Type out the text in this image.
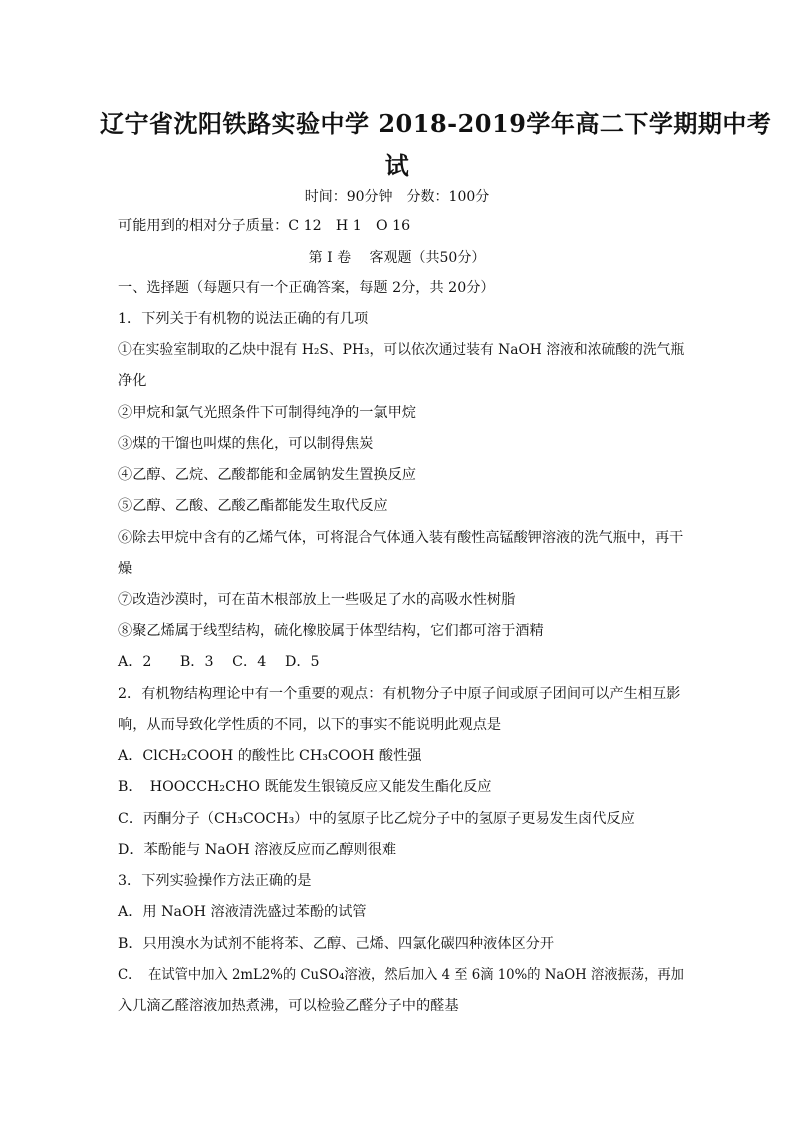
辽宁省沈阳铁路实验中学 2018-2019学年高二下学期期中考
试
时间：90分钟　分数：100分
可能用到的相对分子质量：C 12　H 1　O 16
第 I 卷　 客观题（共50分）
一、选择题（每题只有一个正确答案，每题 2分，共 20分）
1．下列关于有机物的说法正确的有几项
①在实验室制取的乙炔中混有 H₂S、PH₃，可以依次通过装有 NaOH 溶液和浓硫酸的洗气瓶
净化
②甲烷和氯气光照条件下可制得纯净的一氯甲烷
③煤的干馏也叫煤的焦化，可以制得焦炭
④乙醇、乙烷、乙酸都能和金属钠发生置换反应
⑤乙醇、乙酸、乙酸乙酯都能发生取代反应
⑥除去甲烷中含有的乙烯气体，可将混合气体通入装有酸性高锰酸钾溶液的洗气瓶中，再干
燥
⑦改造沙漠时，可在苗木根部放上一些吸足了水的高吸水性树脂
⑧聚乙烯属于线型结构，硫化橡胶属于体型结构，它们都可溶于酒精
A．2　　B．3　 C．4　 D．5
2．有机物结构理论中有一个重要的观点：有机物分子中原子间或原子团间可以产生相互影
响，从而导致化学性质的不同，以下的事实不能说明此观点是
A．ClCH₂COOH 的酸性比 CH₃COOH 酸性强
B．　HOOCCH₂CHO 既能发生银镜反应又能发生酯化反应
C．丙酮分子（CH₃COCH₃）中的氢原子比乙烷分子中的氢原子更易发生卤代反应
D．苯酚能与 NaOH 溶液反应而乙醇则很难
3．下列实验操作方法正确的是
A．用 NaOH 溶液清洗盛过苯酚的试管
B．只用溴水为试剂不能将苯、乙醇、己烯、四氯化碳四种液体区分开
C．　在试管中加入 2mL2%的 CuSO₄溶液，然后加入 4 至 6滴 10%的 NaOH 溶液振荡，再加
入几滴乙醛溶液加热煮沸，可以检验乙醛分子中的醛基
